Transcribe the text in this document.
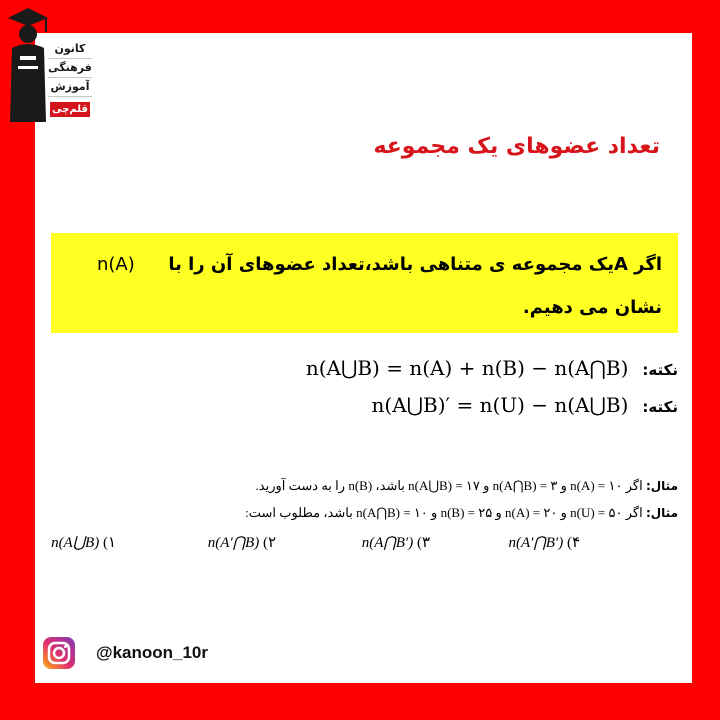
کانون
فرهنگی
آموزش
قلم‌چی
تعداد عضوهای یک مجموعه
اگر Aیک مجموعه ی متناهی باشد،تعداد عضوهای آن را با
n(A)
نشان می دهیم.
نکته:
n(A⋃B) = n(A) + n(B) − n(A⋂B)
نکته:
n(A⋃B)′ = n(U) − n(A⋃B)
مثال: اگر n(A) = ۱۰ و n(A⋂B) = ۳ و n(A⋃B) = ۱۷ باشد، n(B) را به دست آورید.
مثال: اگر n(U) = ۵۰ و n(A) = ۲۰ و n(B) = ۲۵ و n(A⋂B) = ۱۰ باشد، مطلوب است:
۱) n(A⋃B)	۲) n(A′⋂B)	۳) n(A⋂B′)	۴) n(A′⋂B′)
@kanoon_10r
